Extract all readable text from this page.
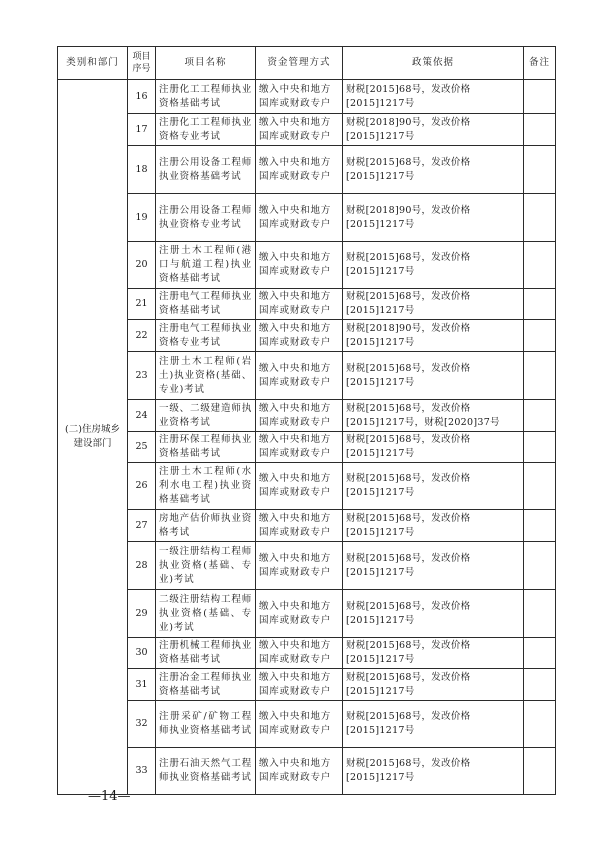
类别和部门	项目序号	项目名称	资金管理方式	政策依据	备注
(二)住房城乡建设部门	16	注册化工工程师执业资格基础考试	缴入中央和地方国库或财政专户	财税[2015]68号，发改价格[2015]1217号	
	17	注册化工工程师执业资格专业考试	缴入中央和地方国库或财政专户	财税[2018]90号，发改价格[2015]1217号	
	18	注册公用设备工程师执业资格基础考试	缴入中央和地方国库或财政专户	财税[2015]68号，发改价格[2015]1217号	
	19	注册公用设备工程师执业资格专业考试	缴入中央和地方国库或财政专户	财税[2018]90号，发改价格[2015]1217号	
	20	注册土木工程师(港口与航道工程)执业资格基础考试	缴入中央和地方国库或财政专户	财税[2015]68号，发改价格[2015]1217号	
	21	注册电气工程师执业资格基础考试	缴入中央和地方国库或财政专户	财税[2015]68号，发改价格[2015]1217号	
	22	注册电气工程师执业资格专业考试	缴入中央和地方国库或财政专户	财税[2018]90号，发改价格[2015]1217号	
	23	注册土木工程师(岩土)执业资格(基础、专业)考试	缴入中央和地方国库或财政专户	财税[2015]68号，发改价格[2015]1217号	
	24	一级、二级建造师执业资格考试	缴入中央和地方国库或财政专户	财税[2015]68号，发改价格[2015]1217号，财税[2020]37号	
	25	注册环保工程师执业资格基础考试	缴入中央和地方国库或财政专户	财税[2015]68号，发改价格[2015]1217号	
	26	注册土木工程师(水利水电工程)执业资格基础考试	缴入中央和地方国库或财政专户	财税[2015]68号，发改价格[2015]1217号	
	27	房地产估价师执业资格考试	缴入中央和地方国库或财政专户	财税[2015]68号，发改价格[2015]1217号	
	28	一级注册结构工程师执业资格(基础、专业)考试	缴入中央和地方国库或财政专户	财税[2015]68号，发改价格[2015]1217号	
	29	二级注册结构工程师执业资格(基础、专业)考试	缴入中央和地方国库或财政专户	财税[2015]68号，发改价格[2015]1217号	
	30	注册机械工程师执业资格基础考试	缴入中央和地方国库或财政专户	财税[2015]68号，发改价格[2015]1217号	
	31	注册冶金工程师执业资格基础考试	缴入中央和地方国库或财政专户	财税[2015]68号，发改价格[2015]1217号	
	32	注册采矿/矿物工程师执业资格基础考试	缴入中央和地方国库或财政专户	财税[2015]68号，发改价格[2015]1217号	
	33	注册石油天然气工程师执业资格基础考试	缴入中央和地方国库或财政专户	财税[2015]68号，发改价格[2015]1217号	
—14—
